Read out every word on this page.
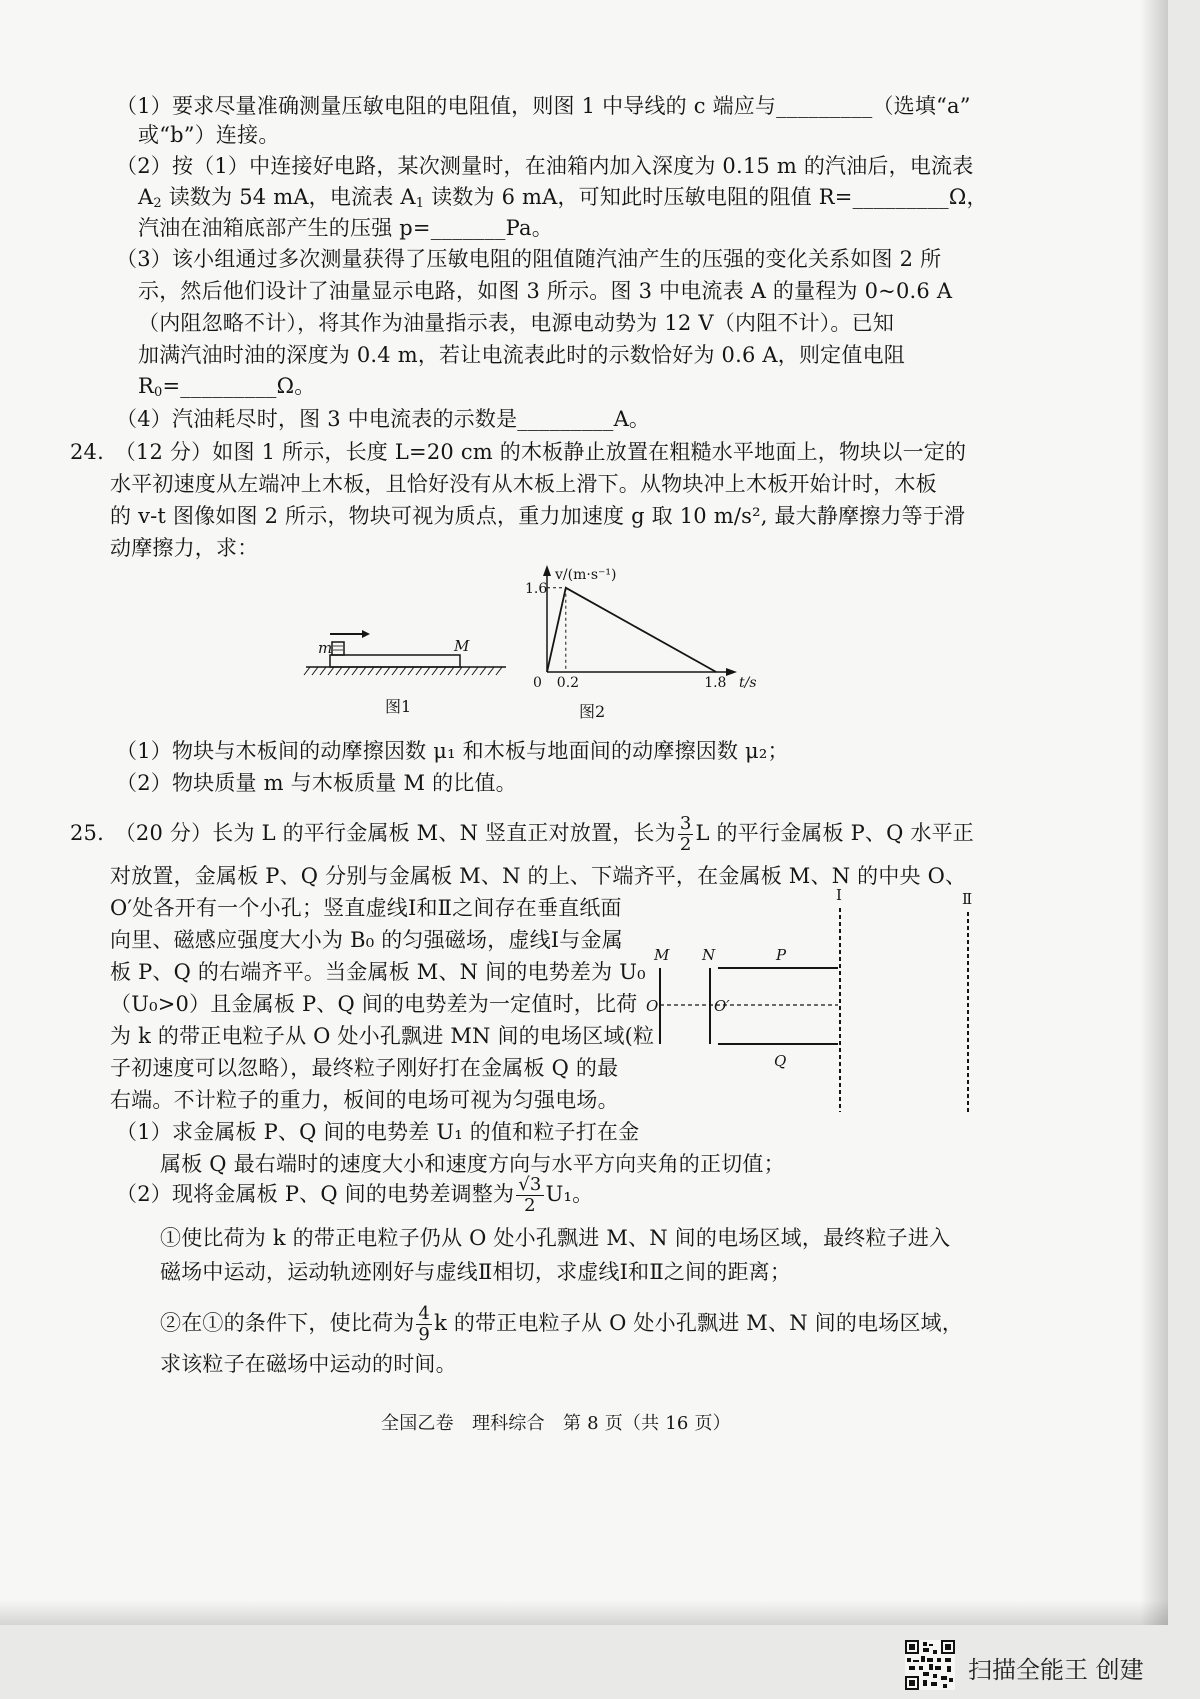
（1）要求尽量准确测量压敏电阻的电阻值，则图 1 中导线的 c 端应与_________（选填“a”
或“b”）连接。
（2）按（1）中连接好电路，某次测量时，在油箱内加入深度为 0.15 m 的汽油后，电流表
$A_2$ 读数为 54 mA，电流表 $A_1$ 读数为 6 mA，可知此时压敏电阻的阻值 R=_________Ω，
汽油在油箱底部产生的压强 p=_______Pa。
（3）该小组通过多次测量获得了压敏电阻的阻值随汽油产生的压强的变化关系如图 2 所
示，然后他们设计了油量显示电路，如图 3 所示。图 3 中电流表 A 的量程为 0~0.6 A
（内阻忽略不计），将其作为油量指示表，电源电动势为 12 V（内阻不计）。已知
加满汽油时油的深度为 0.4 m，若让电流表此时的示数恰好为 0.6 A，则定值电阻
$R_0=\_\_\_\_\_\_\_\_\_\Omega$。
（4）汽油耗尽时，图 3 中电流表的示数是_________A。
24.　（12 分）如图 1 所示，长度 L=20 cm 的木板静止放置在粗糙水平地面上，物块以一定的
水平初速度从左端冲上木板，且恰好没有从木板上滑下。从物块冲上木板开始计时，木板
的 v-t 图像如图 2 所示，物块可视为质点，重力加速度 g 取 10 m/s², 最大静摩擦力等于滑
动摩擦力，求：
m	M
图1
v/(m·s⁻¹)
t/s
0
1.6
0.2	1.8
图2
（1）物块与木板间的动摩擦因数 μ₁ 和木板与地面间的动摩擦因数 μ₂；
（2）物块质量 m 与木板质量 M 的比值。
25.　（20 分）长为 L 的平行金属板 M、N 竖直正对放置，长为 $\frac{3}{2}$ L 的平行金属板 P、Q 水平正
对放置，金属板 P、Q 分别与金属板 M、N 的上、下端齐平，在金属板 M、N 的中央 O、
O′处各开有一个小孔；竖直虚线Ⅰ和Ⅱ之间存在垂直纸面
向里、磁感应强度大小为 B₀ 的匀强磁场，虚线Ⅰ与金属
板 P、Q 的右端齐平。当金属板 M、N 间的电势差为 U₀
（U₀>0）且金属板 P、Q 间的电势差为一定值时，比荷
为 k 的带正电粒子从 O 处小孔飘进 MN 间的电场区域(粒
子初速度可以忽略），最终粒子刚好打在金属板 Q 的最
右端。不计粒子的重力，板间的电场可视为匀强电场。
（1）求金属板 P、Q 间的电势差 U₁ 的值和粒子打在金
属板 Q 最右端时的速度大小和速度方向与水平方向夹角的正切值；
Ⅰ	Ⅱ
M N	P
O	O′
Q
（2）现将金属板 P、Q 间的电势差调整为 $\frac{√3}{2} U_1$。
①使比荷为 k 的带正电粒子仍从 O 处小孔飘进 M、N 间的电场区域，最终粒子进入
磁场中运动，运动轨迹刚好与虚线Ⅱ相切，求虚线Ⅰ和Ⅱ之间的距离；
②在①的条件下，使比荷为 $\frac{4}{9}$ k 的带正电粒子从 O 处小孔飘进 M、N 间的电场区域，
求该粒子在磁场中运动的时间。
全国乙卷　理科综合　第 8 页（共 16 页）
扫描全能王 创建
